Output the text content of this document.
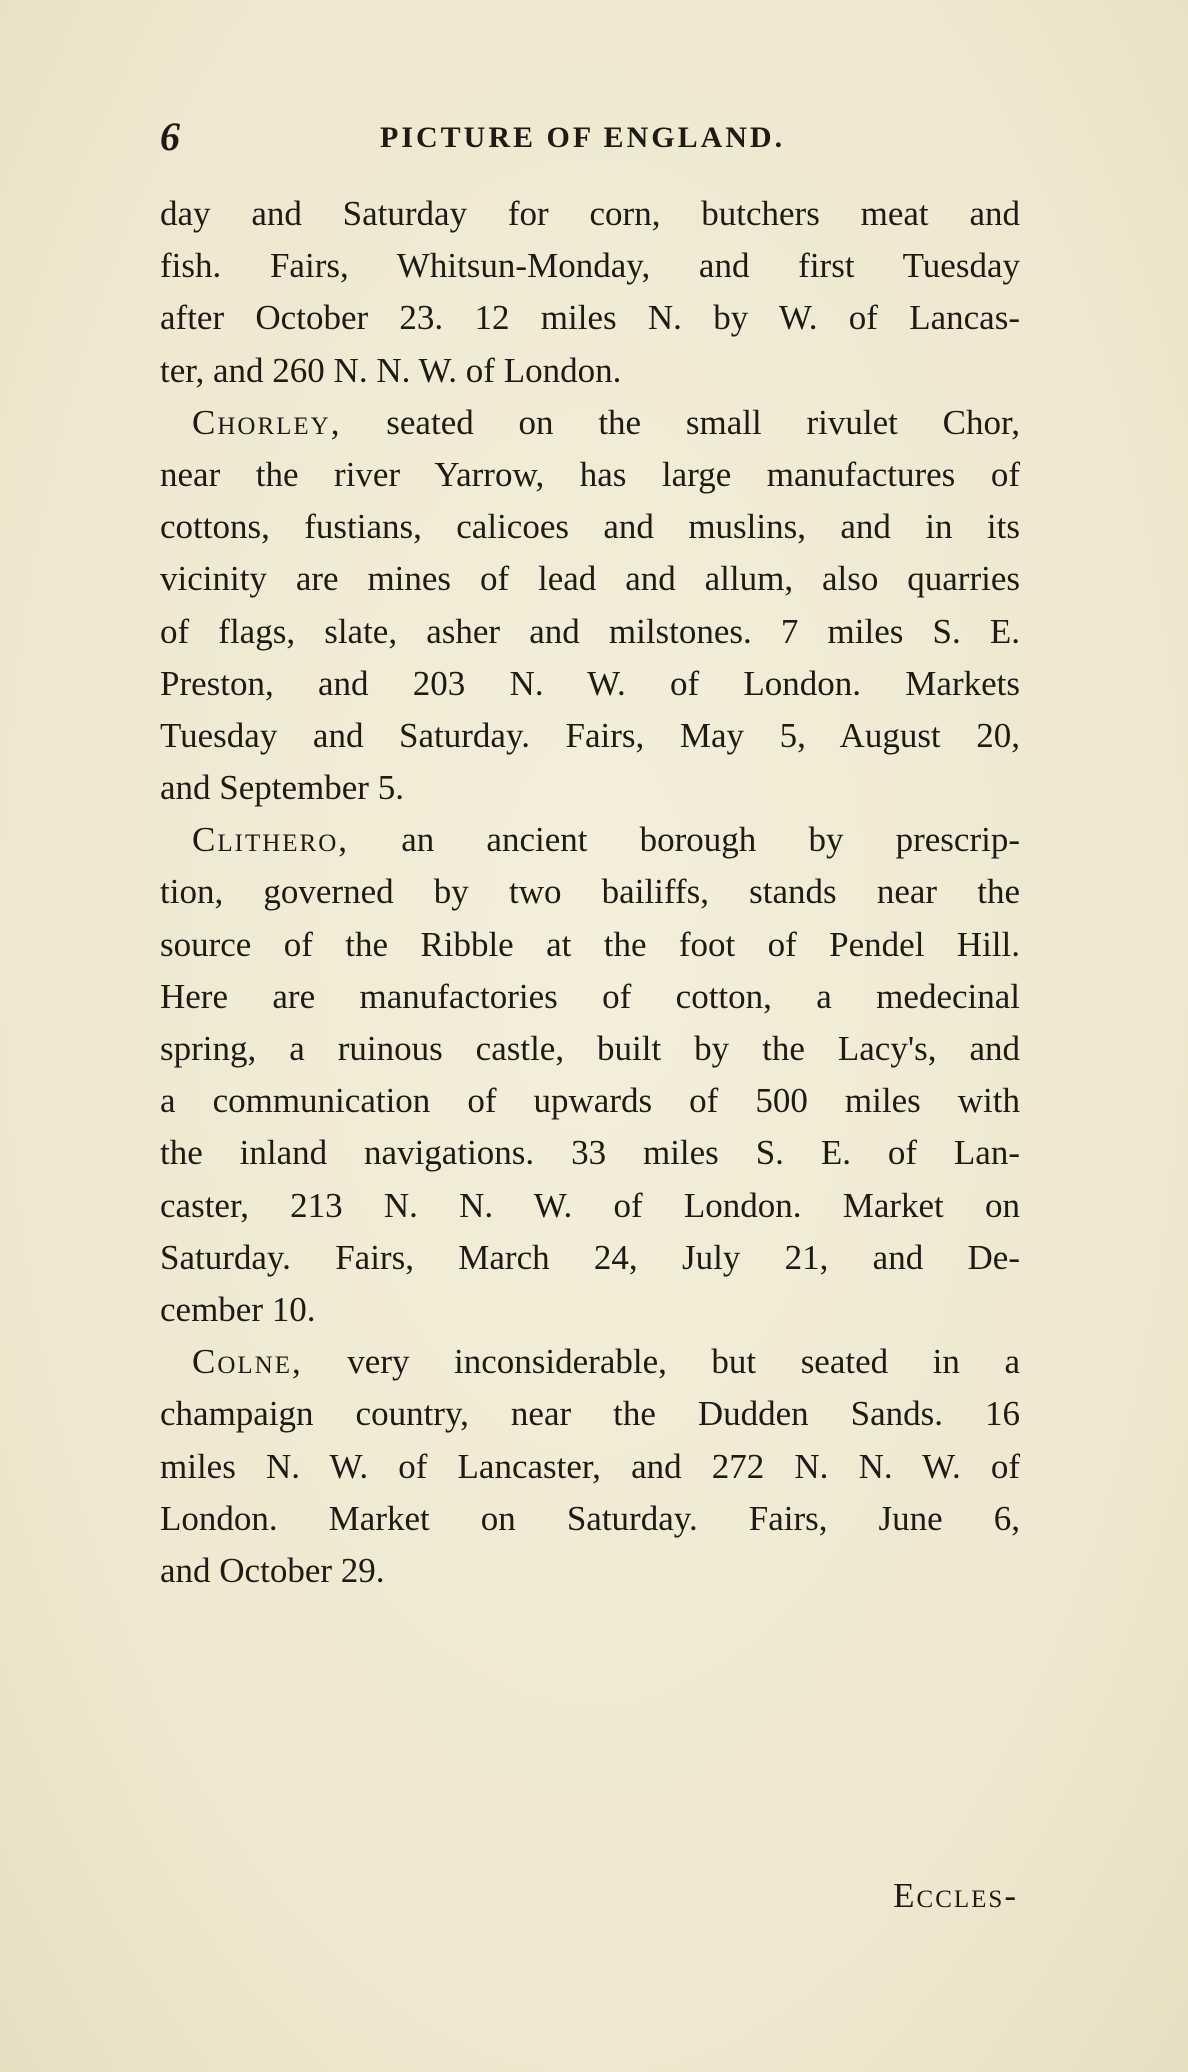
6	PICTURE OF ENGLAND.
day and Saturday for corn, butchers meat and
fish. Fairs, Whitsun-Monday, and first Tuesday
after October 23. 12 miles N. by W. of Lancas-
ter, and 260 N. N. W. of London.
Chorley, seated on the small rivulet Chor,
near the river Yarrow, has large manufactures of
cottons, fustians, calicoes and muslins, and in its
vicinity are mines of lead and allum, also quarries
of flags, slate, asher and milstones. 7 miles S. E.
Preston, and 203 N. W. of London. Markets
Tuesday and Saturday. Fairs, May 5, August 20,
and September 5.
Clithero, an ancient borough by prescrip-
tion, governed by two bailiffs, stands near the
source of the Ribble at the foot of Pendel Hill.
Here are manufactories of cotton, a medecinal
spring, a ruinous castle, built by the Lacy's, and
a communication of upwards of 500 miles with
the inland navigations. 33 miles S. E. of Lan-
caster, 213 N. N. W. of London. Market on
Saturday. Fairs, March 24, July 21, and De-
cember 10.
Colne, very inconsiderable, but seated in a
champaign country, near the Dudden Sands. 16
miles N. W. of Lancaster, and 272 N. N. W. of
London. Market on Saturday. Fairs, June 6,
and October 29.
Eccles-
